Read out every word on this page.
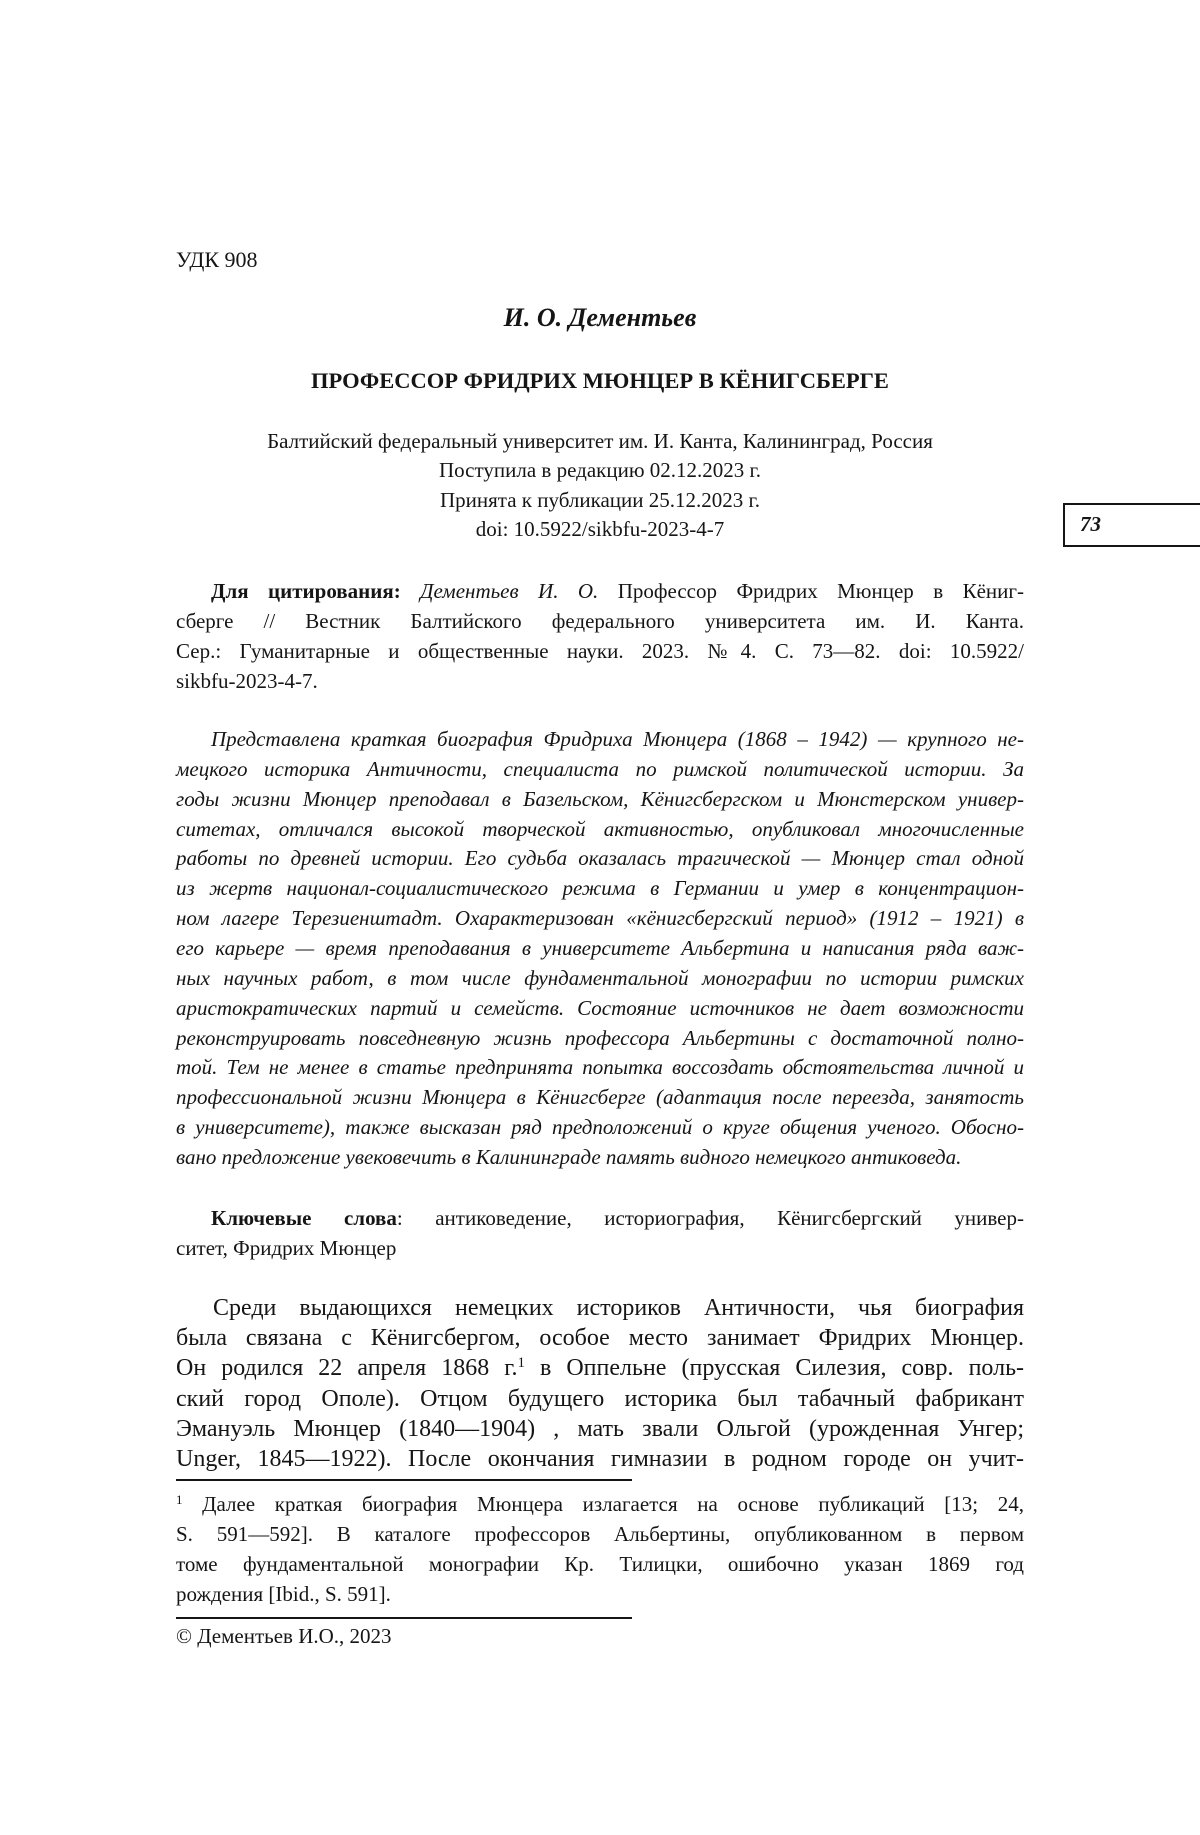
УДК 908
И. О. Дементьев
ПРОФЕССОР ФРИДРИХ МЮНЦЕР В КЁНИГСБЕРГЕ
Балтийский федеральный университет им. И. Канта, Калининград, Россия
Поступила в редакцию 02.12.2023 г.
Принята к публикации 25.12.2023 г.
doi: 10.5922/sikbfu-2023-4-7	73
Для цитирования: Дементьев И. О. Профессор Фридрих Мюнцер в Кёниг-
сберге // Вестник Балтийского федерального университета им. И. Канта.
Сер.: Гуманитарные и общественные науки. 2023. №4. С. 73—82. doi: 10.5922/
sikbfu-2023-4-7.
Представлена краткая биография Фридриха Мюнцера (1868 – 1942) — крупного не-
мецкого историка Античности, специалиста по римской политической истории. За
годы жизни Мюнцер преподавал в Базельском, Кёнигсбергском и Мюнстерском универ-
ситетах, отличался высокой творческой активностью, опубликовал многочисленные
работы по древней истории. Его судьба оказалась трагической — Мюнцер стал одной
из жертв национал-социалистического режима в Германии и умер в концентрацион-
ном лагере Терезиенштадт. Охарактеризован «кёнигсбергский период» (1912 – 1921) в
его карьере — время преподавания в университете Альбертина и написания ряда важ-
ных научных работ, в том числе фундаментальной монографии по истории римских
аристократических партий и семейств. Состояние источников не дает возможности
реконструировать повседневную жизнь профессора Альбертины с достаточной полно-
той. Тем не менее в статье предпринята попытка воссоздать обстоятельства личной и
профессиональной жизни Мюнцера в Кёнигсберге (адаптация после переезда, занятость
в университете), также высказан ряд предположений о круге общения ученого. Обосно-
вано предложение увековечить в Калининграде память видного немецкого антиковеда.
Ключевые слова: антиковедение, историография, Кёнигсбергский универ-
ситет, Фридрих Мюнцер
Среди выдающихся немецких историков Античности, чья биография
была связана с Кёнигсбергом, особое место занимает Фридрих Мюнцер.
Он родился 22 апреля 1868 г.$^1$ в Оппельне (прусская Силезия, совр. поль-
ский город Ополе). Отцом будущего историка был табачный фабрикант
Эмануэль Мюнцер (1840—1904) , мать звали Ольгой (урожденная Унгер;
Unger, 1845—1922). После окончания гимназии в родном городе он учит-
$^1$ Далее краткая биография Мюнцера излагается на основе публикаций [13; 24,
S. 591—592]. В каталоге профессоров Альбертины, опубликованном в первом
томе фундаментальной монографии Кр. Тилицки, ошибочно указан 1869 год
рождения [Ibid., S. 591].
© Дементьев И.О., 2023
